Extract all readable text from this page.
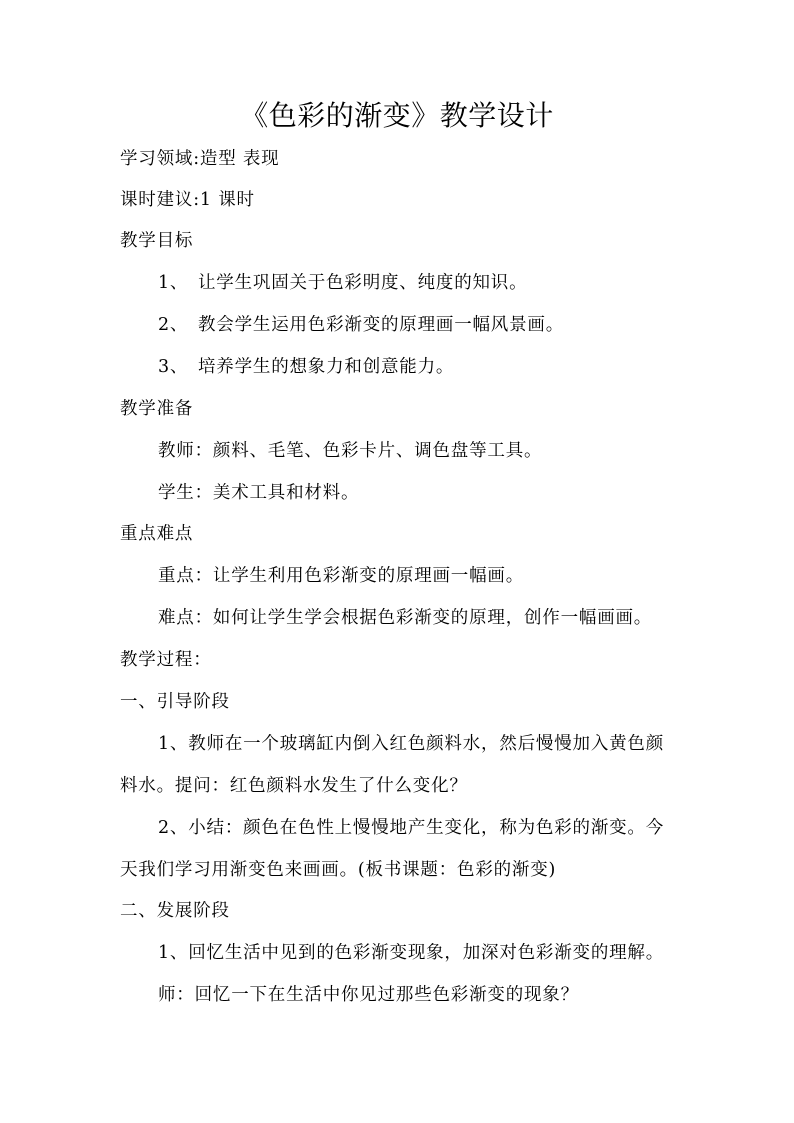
《色彩的渐变》教学设计
学习领域:造型 表现
课时建议:1 课时
教学目标
1、 让学生巩固关于色彩明度、纯度的知识。
2、 教会学生运用色彩渐变的原理画一幅风景画。
3、 培养学生的想象力和创意能力。
教学准备
教师：颜料、毛笔、色彩卡片、调色盘等工具。
学生：美术工具和材料。
重点难点
重点：让学生利用色彩渐变的原理画一幅画。
难点：如何让学生学会根据色彩渐变的原理，创作一幅画画。
教学过程：
一、引导阶段
1、教师在一个玻璃缸内倒入红色颜料水，然后慢慢加入黄色颜
料水。提问：红色颜料水发生了什么变化？
2、小结：颜色在色性上慢慢地产生变化，称为色彩的渐变。今
天我们学习用渐变色来画画。(板书课题：色彩的渐变)
二、发展阶段
1、回忆生活中见到的色彩渐变现象，加深对色彩渐变的理解。
师：回忆一下在生活中你见过那些色彩渐变的现象？
